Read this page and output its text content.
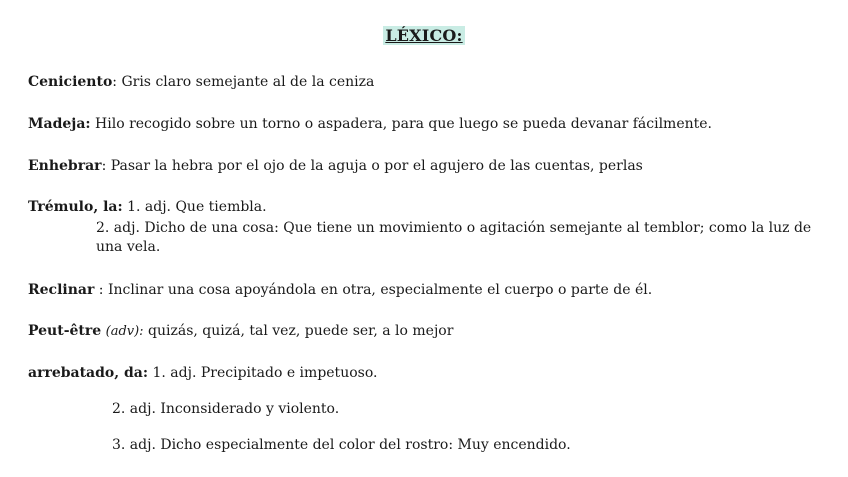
LÉXICO:
Ceniciento: Gris claro semejante al de la ceniza
Madeja: Hilo recogido sobre un torno o aspadera, para que luego se pueda devanar fácilmente.
Enhebrar: Pasar la hebra por el ojo de la aguja o por el agujero de las cuentas, perlas
Trémulo, la: 1. adj. Que tiembla.
2. adj. Dicho de una cosa: Que tiene un movimiento o agitación semejante al temblor; como la luz de una vela.
Reclinar : Inclinar una cosa apoyándola en otra, especialmente el cuerpo o parte de él.
Peut-être (adv): quizás, quizá, tal vez, puede ser, a lo mejor
arrebatado, da: 1. adj. Precipitado e impetuoso.
2. adj. Inconsiderado y violento.
3. adj. Dicho especialmente del color del rostro: Muy encendido.
